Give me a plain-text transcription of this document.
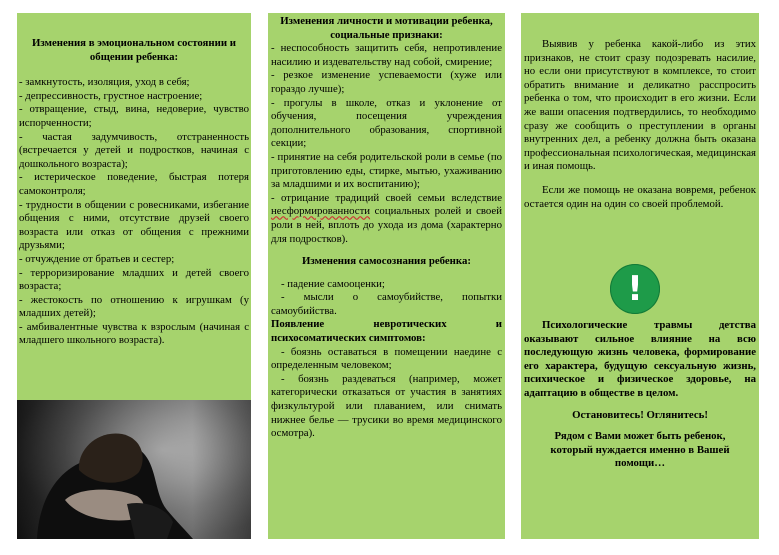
Изменения в эмоциональном состоянии и общении ребенка:

- замкнутость, изоляция, уход в себя;

- депрессивность, грустное настроение;

- отвращение, стыд, вина, недоверие, чувство испорченности;

- частая задумчивость, отстраненность (встречается у детей и подростков, начиная с дошкольного возраста);

- истерическое поведение, быстрая потеря самоконтроля;

- трудности в общении с ровесниками, избегание общения с ними, отсутствие друзей своего возраста или отказ от общения с прежними друзьями;

- отчуждение от братьев и сестер;

- терроризирование младших и детей своего возраста;

- жестокость по отношению к игрушкам (у младших детей);

- амбивалентные чувства к взрослым (начиная с младшего школьного возраста).

Изменения личности и мотивации ребенка, социальные признаки:

- неспособность защитить себя, непротивление насилию и издевательству над собой, смирение;

- резкое изменение успеваемости (хуже или гораздо лучше);

- прогулы в школе, отказ и уклонение от обучения, посещения учреждения дополнительного образования, спортивной секции;

- принятие на себя родительской роли в семье (по приготовлению еды, стирке, мытью, ухаживанию за младшими и их воспитанию);

- отрицание традиций своей семьи вследствие несформированности социальных ролей и своей роли в ней, вплоть до ухода из дома (характерно для подростков).

Изменения самосознания ребенка:

- падение самооценки;

- мысли о самоубийстве, попытки самоубийства.

Появление невротических и психосоматических симптомов:

- боязнь оставаться в помещении наедине с определенным человеком;

- боязнь раздеваться (например, может категорически отказаться от участия в занятиях физкультурой или плаванием, или снимать нижнее белье — трусики во время медицинского осмотра).

Выявив у ребенка какой-либо из этих признаков, не стоит сразу подозревать насилие, но если они присутствуют в комплексе, то стоит обратить внимание и деликатно расспросить ребенка о том, что происходит в его жизни. Если же ваши опасения подтвердились, то необходимо сразу же сообщить о преступлении в органы внутренних дел, а ребенку должна быть оказана профессиональная психологическая, медицинская и иная помощь.

Если же помощь не оказана вовремя, ребенок остается один на один со своей проблемой.

!

Психологические травмы детства оказывают сильное влияние на всю последующую жизнь человека, формирование его характера, будущую сексуальную жизнь, психическое и физическое здоровье, на адаптацию в обществе в целом.

Остановитесь! Оглянитесь!

Рядом с Вами может быть ребенок, который нуждается именно в Вашей помощи…
